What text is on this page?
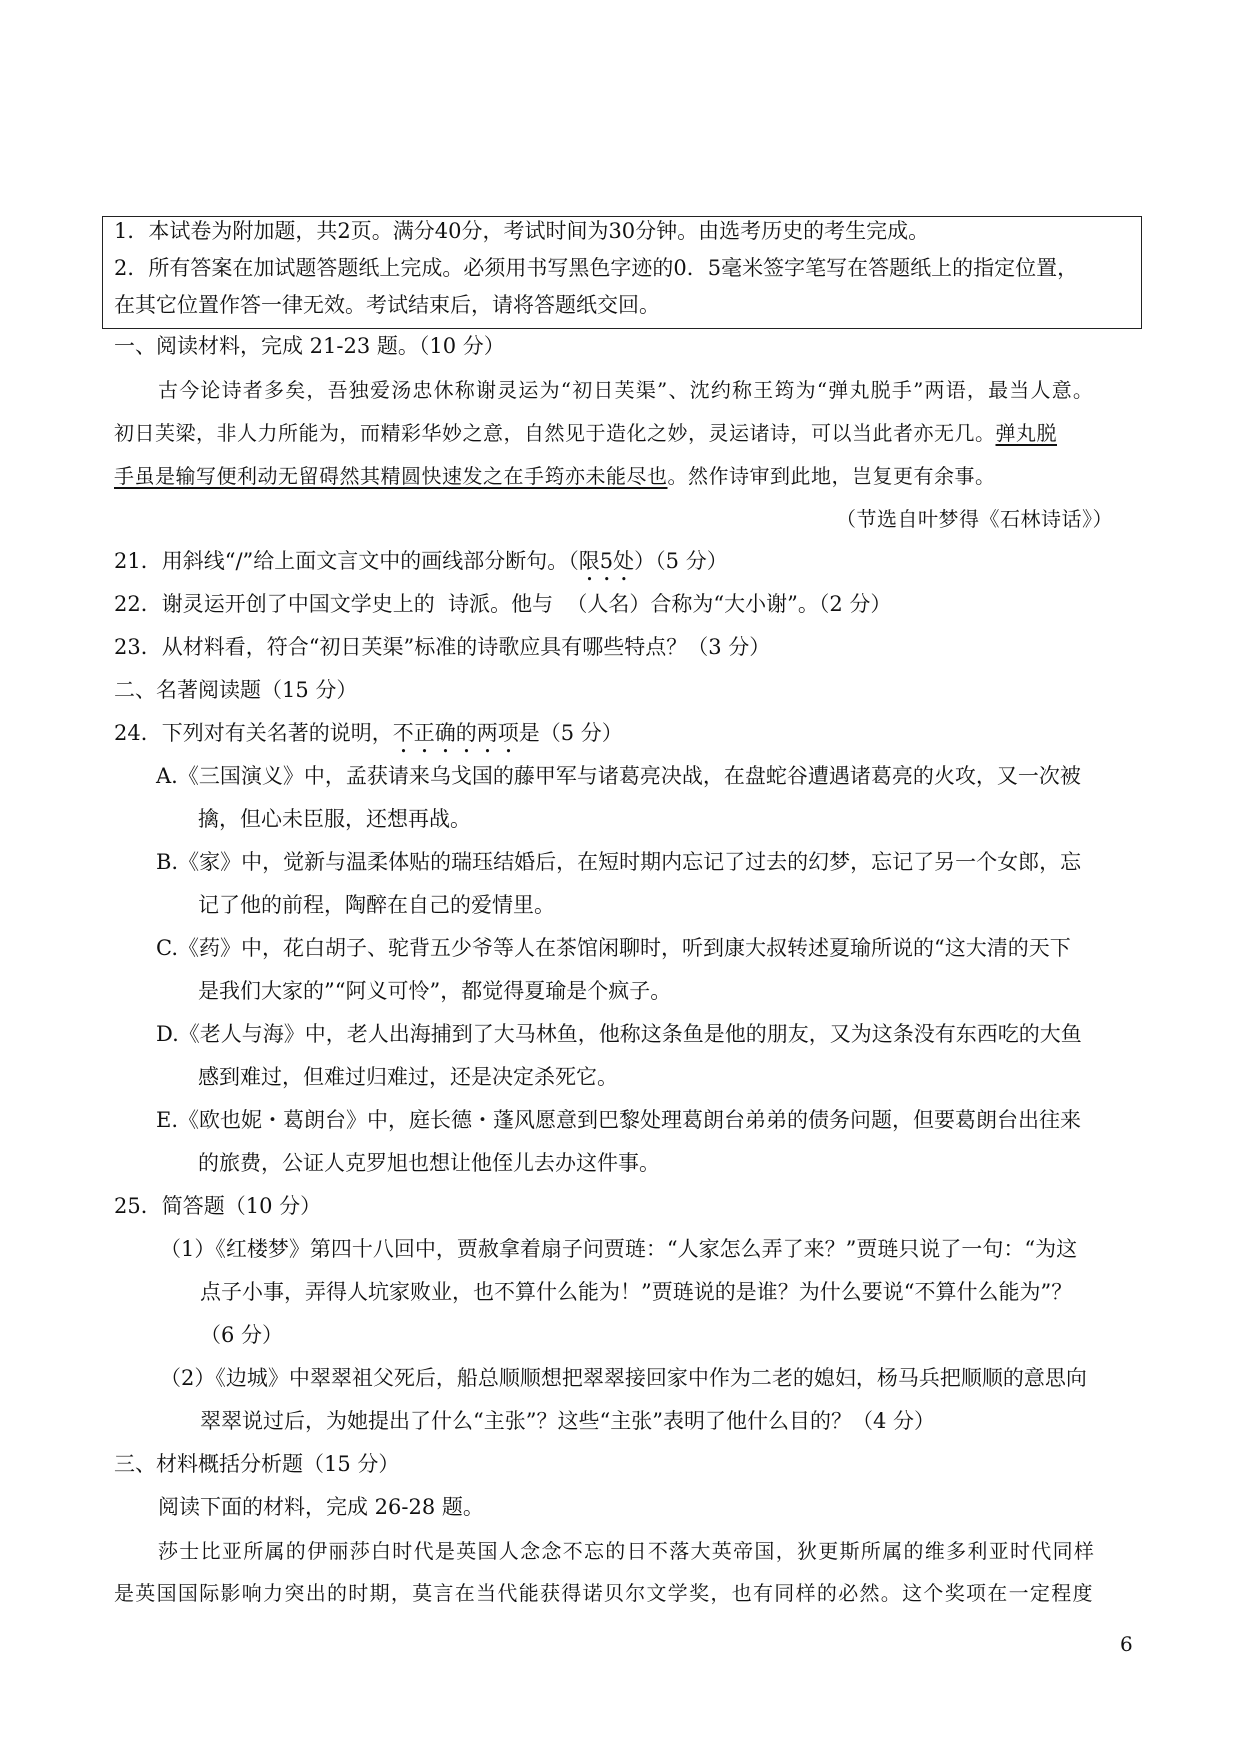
1．本试卷为附加题，共2页。满分40分，考试时间为30分钟。由选考历史的考生完成。
2．所有答案在加试题答题纸上完成。必须用书写黑色字迹的0．5毫米签字笔写在答题纸上的指定位置，
在其它位置作答一律无效。考试结束后，请将答题纸交回。
一、阅读材料，完成 21-23 题。（10 分）
古今论诗者多矣，吾独爱汤忠休称谢灵运为“初日芙渠”、沈约称王筠为“弹丸脱手”两语，最当人意。
初日芙梁，非人力所能为，而精彩华妙之意，自然见于造化之妙，灵运诸诗，可以当此者亦无几。弹丸脱
手虽是输写便利动无留碍然其精圆快速发之在手筠亦未能尽也。然作诗审到此地，岂复更有余事。
（节选自叶梦得《石林诗话》）
21．用斜线“/”给上面文言文中的画线部分断句。（限5处）（5 分）
22．谢灵运开创了中国文学史上的  诗派。他与  （人名）合称为“大小谢”。（2 分）
23．从材料看，符合“初日芙渠”标准的诗歌应具有哪些特点？（3 分）
二、名著阅读题（15 分）
24．下列对有关名著的说明，不正确的两项是（5 分）
A.《三国演义》中，孟获请来乌戈国的藤甲军与诸葛亮决战，在盘蛇谷遭遇诸葛亮的火攻，又一次被
擒，但心未臣服，还想再战。
B.《家》中，觉新与温柔体贴的瑞珏结婚后，在短时期内忘记了过去的幻梦，忘记了另一个女郎，忘
记了他的前程，陶醉在自己的爱情里。
C.《药》中，花白胡子、驼背五少爷等人在茶馆闲聊时，听到康大叔转述夏瑜所说的“这大清的天下
是我们大家的”“阿义可怜”，都觉得夏瑜是个疯子。
D.《老人与海》中，老人出海捕到了大马林鱼，他称这条鱼是他的朋友，又为这条没有东西吃的大鱼
感到难过，但难过归难过，还是决定杀死它。
E.《欧也妮・葛朗台》中，庭长德・蓬风愿意到巴黎处理葛朗台弟弟的债务问题，但要葛朗台出往来
的旅费，公证人克罗旭也想让他侄儿去办这件事。
25．简答题（10 分）
（1）《红楼梦》第四十八回中，贾赦拿着扇子问贾琏：“人家怎么弄了来？”贾琏只说了一句：“为这
点子小事，弄得人坑家败业，也不算什么能为！”贾琏说的是谁？为什么要说“不算什么能为”？
（6 分）
（2）《边城》中翠翠祖父死后，船总顺顺想把翠翠接回家中作为二老的媳妇，杨马兵把顺顺的意思向
翠翠说过后，为她提出了什么“主张”？这些“主张”表明了他什么目的？（4 分）
三、材料概括分析题（15 分）
阅读下面的材料，完成 26-28 题。
莎士比亚所属的伊丽莎白时代是英国人念念不忘的日不落大英帝国，狄更斯所属的维多利亚时代同样
是英国国际影响力突出的时期，莫言在当代能获得诺贝尔文学奖，也有同样的必然。这个奖项在一定程度
6
